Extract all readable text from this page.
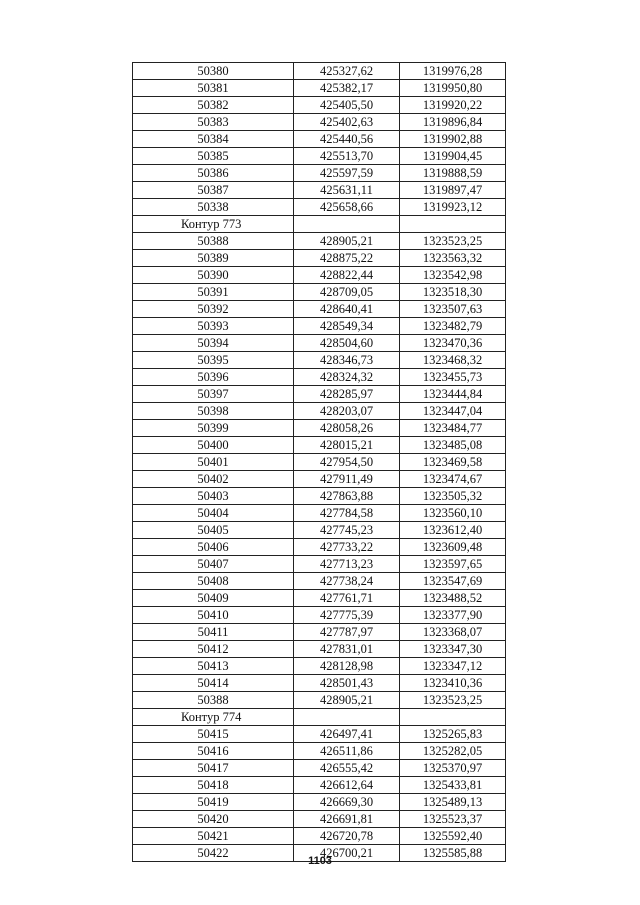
50380	425327,62	1319976,28
50381	425382,17	1319950,80
50382	425405,50	1319920,22
50383	425402,63	1319896,84
50384	425440,56	1319902,88
50385	425513,70	1319904,45
50386	425597,59	1319888,59
50387	425631,11	1319897,47
50338	425658,66	1319923,12
Контур 773		
50388	428905,21	1323523,25
50389	428875,22	1323563,32
50390	428822,44	1323542,98
50391	428709,05	1323518,30
50392	428640,41	1323507,63
50393	428549,34	1323482,79
50394	428504,60	1323470,36
50395	428346,73	1323468,32
50396	428324,32	1323455,73
50397	428285,97	1323444,84
50398	428203,07	1323447,04
50399	428058,26	1323484,77
50400	428015,21	1323485,08
50401	427954,50	1323469,58
50402	427911,49	1323474,67
50403	427863,88	1323505,32
50404	427784,58	1323560,10
50405	427745,23	1323612,40
50406	427733,22	1323609,48
50407	427713,23	1323597,65
50408	427738,24	1323547,69
50409	427761,71	1323488,52
50410	427775,39	1323377,90
50411	427787,97	1323368,07
50412	427831,01	1323347,30
50413	428128,98	1323347,12
50414	428501,43	1323410,36
50388	428905,21	1323523,25
Контур 774		
50415	426497,41	1325265,83
50416	426511,86	1325282,05
50417	426555,42	1325370,97
50418	426612,64	1325433,81
50419	426669,30	1325489,13
50420	426691,81	1325523,37
50421	426720,78	1325592,40
50422	426700,21	1325585,88
1103
